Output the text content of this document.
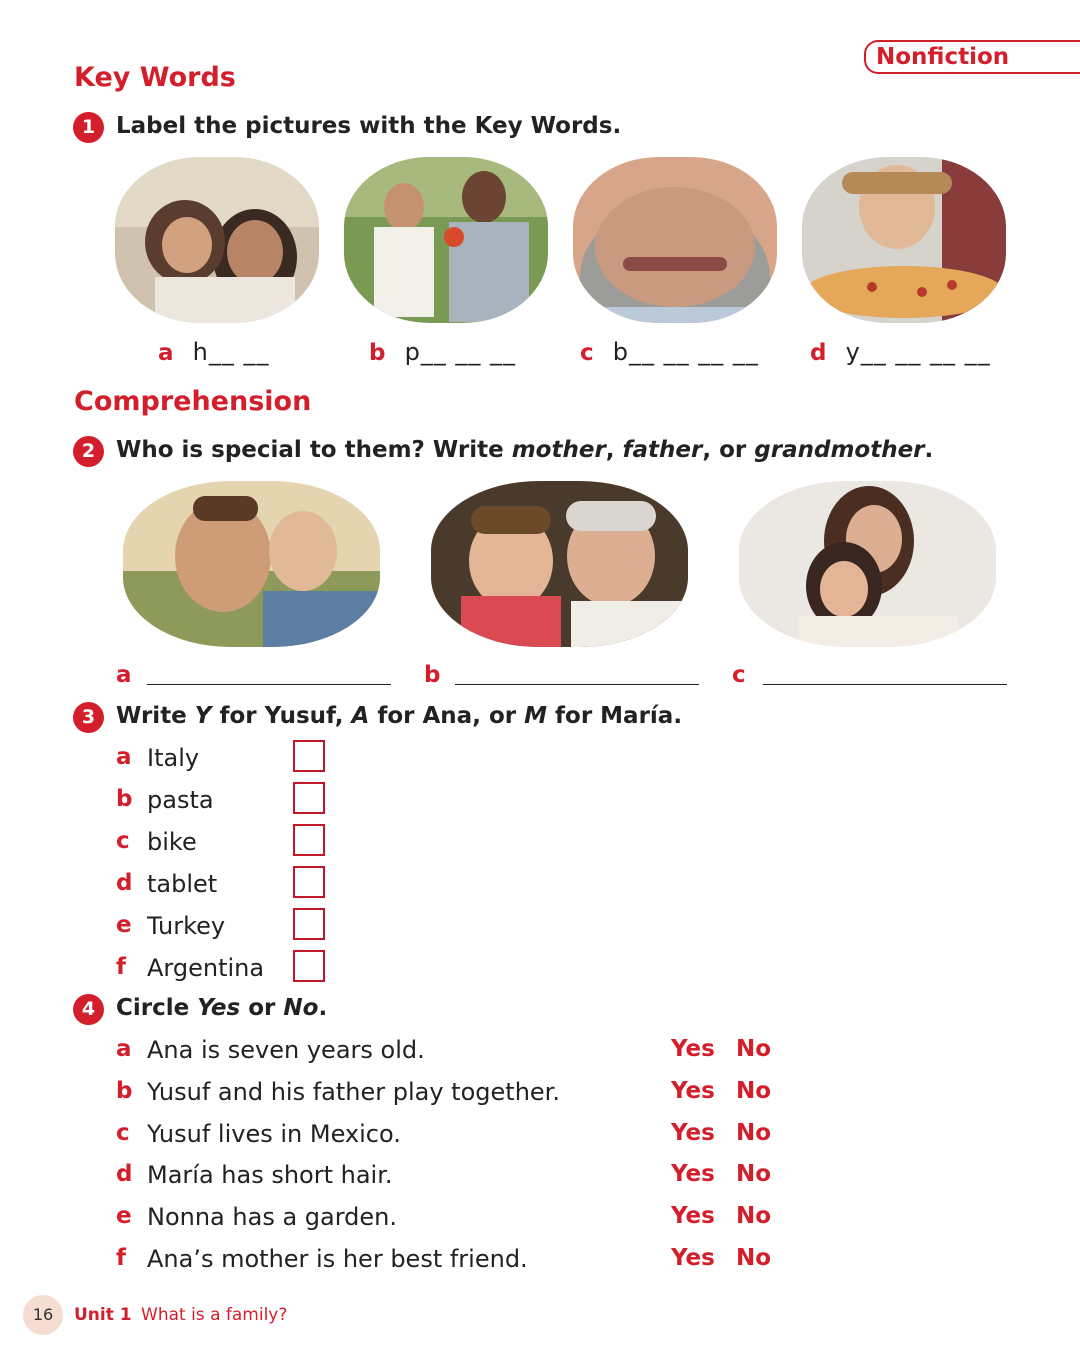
Nonfiction
Key Words
1 Label the pictures with the Key Words.
a h__ __	b p__ __ __	c b__ __ __ __ d y__ __ __ __
Comprehension
2 Who is special to them? Write mother, father, or grandmother.
a	b	c
3 Write Y for Yusuf, A for Ana, or M for María.
a Italy
b pasta
c bike
d tablet
e Turkey
f Argentina
4 Circle Yes or No.
a Ana is seven years old.	Yes No
b Yusuf and his father play together.	Yes No
c Yusuf lives in Mexico.	Yes No
d María has short hair.	Yes No
e Nonna has a garden.	Yes No
f Ana’s mother is her best friend.	Yes No
16	Unit 1 What is a family?
